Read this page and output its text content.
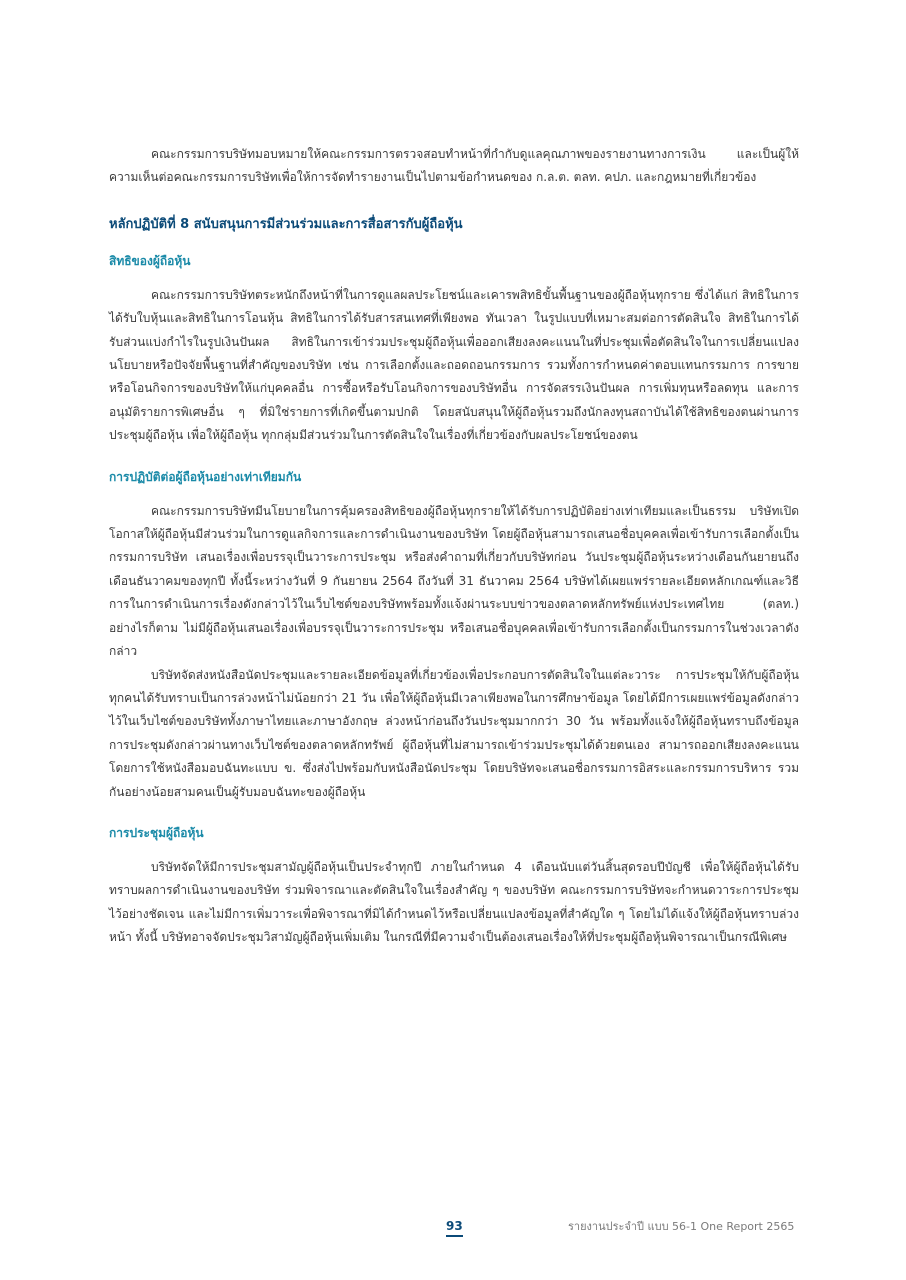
คณะกรรมการบริษัทมอบหมายให้คณะกรรมการตรวจสอบทำหน้าที่กำกับดูแลคุณภาพของรายงานทางการเงิน และเป็นผู้ให้ความเห็นต่อคณะกรรมการบริษัทเพื่อให้การจัดทำรายงานเป็นไปตามข้อกำหนดของ ก.ล.ต. ตลท. คปภ. และกฎหมายที่เกี่ยวข้อง

หลักปฏิบัติที่ 8 สนับสนุนการมีส่วนร่วมและการสื่อสารกับผู้ถือหุ้น
สิทธิของผู้ถือหุ้น

คณะกรรมการบริษัทตระหนักถึงหน้าที่ในการดูแลผลประโยชน์และเคารพสิทธิขั้นพื้นฐานของผู้ถือหุ้นทุกราย ซึ่งได้แก่ สิทธิในการได้รับใบหุ้นและสิทธิในการโอนหุ้น สิทธิในการได้รับสารสนเทศที่เพียงพอ ทันเวลา ในรูปแบบที่เหมาะสมต่อการตัดสินใจ สิทธิในการได้รับส่วนแบ่งกำไรในรูปเงินปันผล สิทธิในการเข้าร่วมประชุมผู้ถือหุ้นเพื่อออกเสียงลงคะแนนในที่ประชุมเพื่อตัดสินใจในการเปลี่ยนแปลงนโยบายหรือปัจจัยพื้นฐานที่สำคัญของบริษัท เช่น การเลือกตั้งและถอดถอนกรรมการ รวมทั้งการกำหนดค่าตอบแทนกรรมการ การขายหรือโอนกิจการของบริษัทให้แก่บุคคลอื่น การซื้อหรือรับโอนกิจการของบริษัทอื่น การจัดสรรเงินปันผล การเพิ่มทุนหรือลดทุน และการอนุมัติรายการพิเศษอื่น ๆ ที่มิใช่รายการที่เกิดขึ้นตามปกติ โดยสนับสนุนให้ผู้ถือหุ้นรวมถึงนักลงทุนสถาบันได้ใช้สิทธิของตนผ่านการประชุมผู้ถือหุ้น เพื่อให้ผู้ถือหุ้น ทุกกลุ่มมีส่วนร่วมในการตัดสินใจในเรื่องที่เกี่ยวข้องกับผลประโยชน์ของตน

การปฏิบัติต่อผู้ถือหุ้นอย่างเท่าเทียมกัน

คณะกรรมการบริษัทมีนโยบายในการคุ้มครองสิทธิของผู้ถือหุ้นทุกรายให้ได้รับการปฏิบัติอย่างเท่าเทียมและเป็นธรรม บริษัทเปิดโอกาสให้ผู้ถือหุ้นมีส่วนร่วมในการดูแลกิจการและการดำเนินงานของบริษัท โดยผู้ถือหุ้นสามารถเสนอชื่อบุคคลเพื่อเข้ารับการเลือกตั้งเป็นกรรมการบริษัท เสนอเรื่องเพื่อบรรจุเป็นวาระการประชุม หรือส่งคำถามที่เกี่ยวกับบริษัทก่อน วันประชุมผู้ถือหุ้นระหว่างเดือนกันยายนถึงเดือนธันวาคมของทุกปี ทั้งนี้ระหว่างวันที่ 9 กันยายน 2564 ถึงวันที่ 31 ธันวาคม 2564 บริษัทได้เผยแพร่รายละเอียดหลักเกณฑ์และวิธีการในการดำเนินการเรื่องดังกล่าวไว้ในเว็บไซต์ของบริษัทพร้อมทั้งแจ้งผ่านระบบข่าวของตลาดหลักทรัพย์แห่งประเทศไทย (ตลท.) อย่างไรก็ตาม ไม่มีผู้ถือหุ้นเสนอเรื่องเพื่อบรรจุเป็นวาระการประชุม หรือเสนอชื่อบุคคลเพื่อเข้ารับการเลือกตั้งเป็นกรรมการในช่วงเวลาดังกล่าว

บริษัทจัดส่งหนังสือนัดประชุมและรายละเอียดข้อมูลที่เกี่ยวข้องเพื่อประกอบการตัดสินใจในแต่ละวาระ การประชุมให้กับผู้ถือหุ้นทุกคนได้รับทราบเป็นการล่วงหน้าไม่น้อยกว่า 21 วัน เพื่อให้ผู้ถือหุ้นมีเวลาเพียงพอในการศึกษาข้อมูล โดยได้มีการเผยแพร่ข้อมูลดังกล่าวไว้ในเว็บไซต์ของบริษัททั้งภาษาไทยและภาษาอังกฤษ ล่วงหน้าก่อนถึงวันประชุมมากกว่า 30 วัน พร้อมทั้งแจ้งให้ผู้ถือหุ้นทราบถึงข้อมูลการประชุมดังกล่าวผ่านทางเว็บไซต์ของตลาดหลักทรัพย์ ผู้ถือหุ้นที่ไม่สามารถเข้าร่วมประชุมได้ด้วยตนเอง สามารถออกเสียงลงคะแนนโดยการใช้หนังสือมอบฉันทะแบบ ข. ซึ่งส่งไปพร้อมกับหนังสือนัดประชุม โดยบริษัทจะเสนอชื่อกรรมการอิสระและกรรมการบริหาร รวมกันอย่างน้อยสามคนเป็นผู้รับมอบฉันทะของผู้ถือหุ้น

การประชุมผู้ถือหุ้น

บริษัทจัดให้มีการประชุมสามัญผู้ถือหุ้นเป็นประจำทุกปี ภายในกำหนด 4 เดือนนับแต่วันสิ้นสุดรอบปีบัญชี เพื่อให้ผู้ถือหุ้นได้รับทราบผลการดำเนินงานของบริษัท ร่วมพิจารณาและตัดสินใจในเรื่องสำคัญ ๆ ของบริษัท คณะกรรมการบริษัทจะกำหนดวาระการประชุมไว้อย่างชัดเจน และไม่มีการเพิ่มวาระเพื่อพิจารณาที่มิได้กำหนดไว้หรือเปลี่ยนแปลงข้อมูลที่สำคัญใด ๆ โดยไม่ได้แจ้งให้ผู้ถือหุ้นทราบล่วงหน้า ทั้งนี้ บริษัทอาจจัดประชุมวิสามัญผู้ถือหุ้นเพิ่มเติม ในกรณีที่มีความจำเป็นต้องเสนอเรื่องให้ที่ประชุมผู้ถือหุ้นพิจารณาเป็นกรณีพิเศษ

93	รายงานประจำปี แบบ 56-1 One Report 2565
